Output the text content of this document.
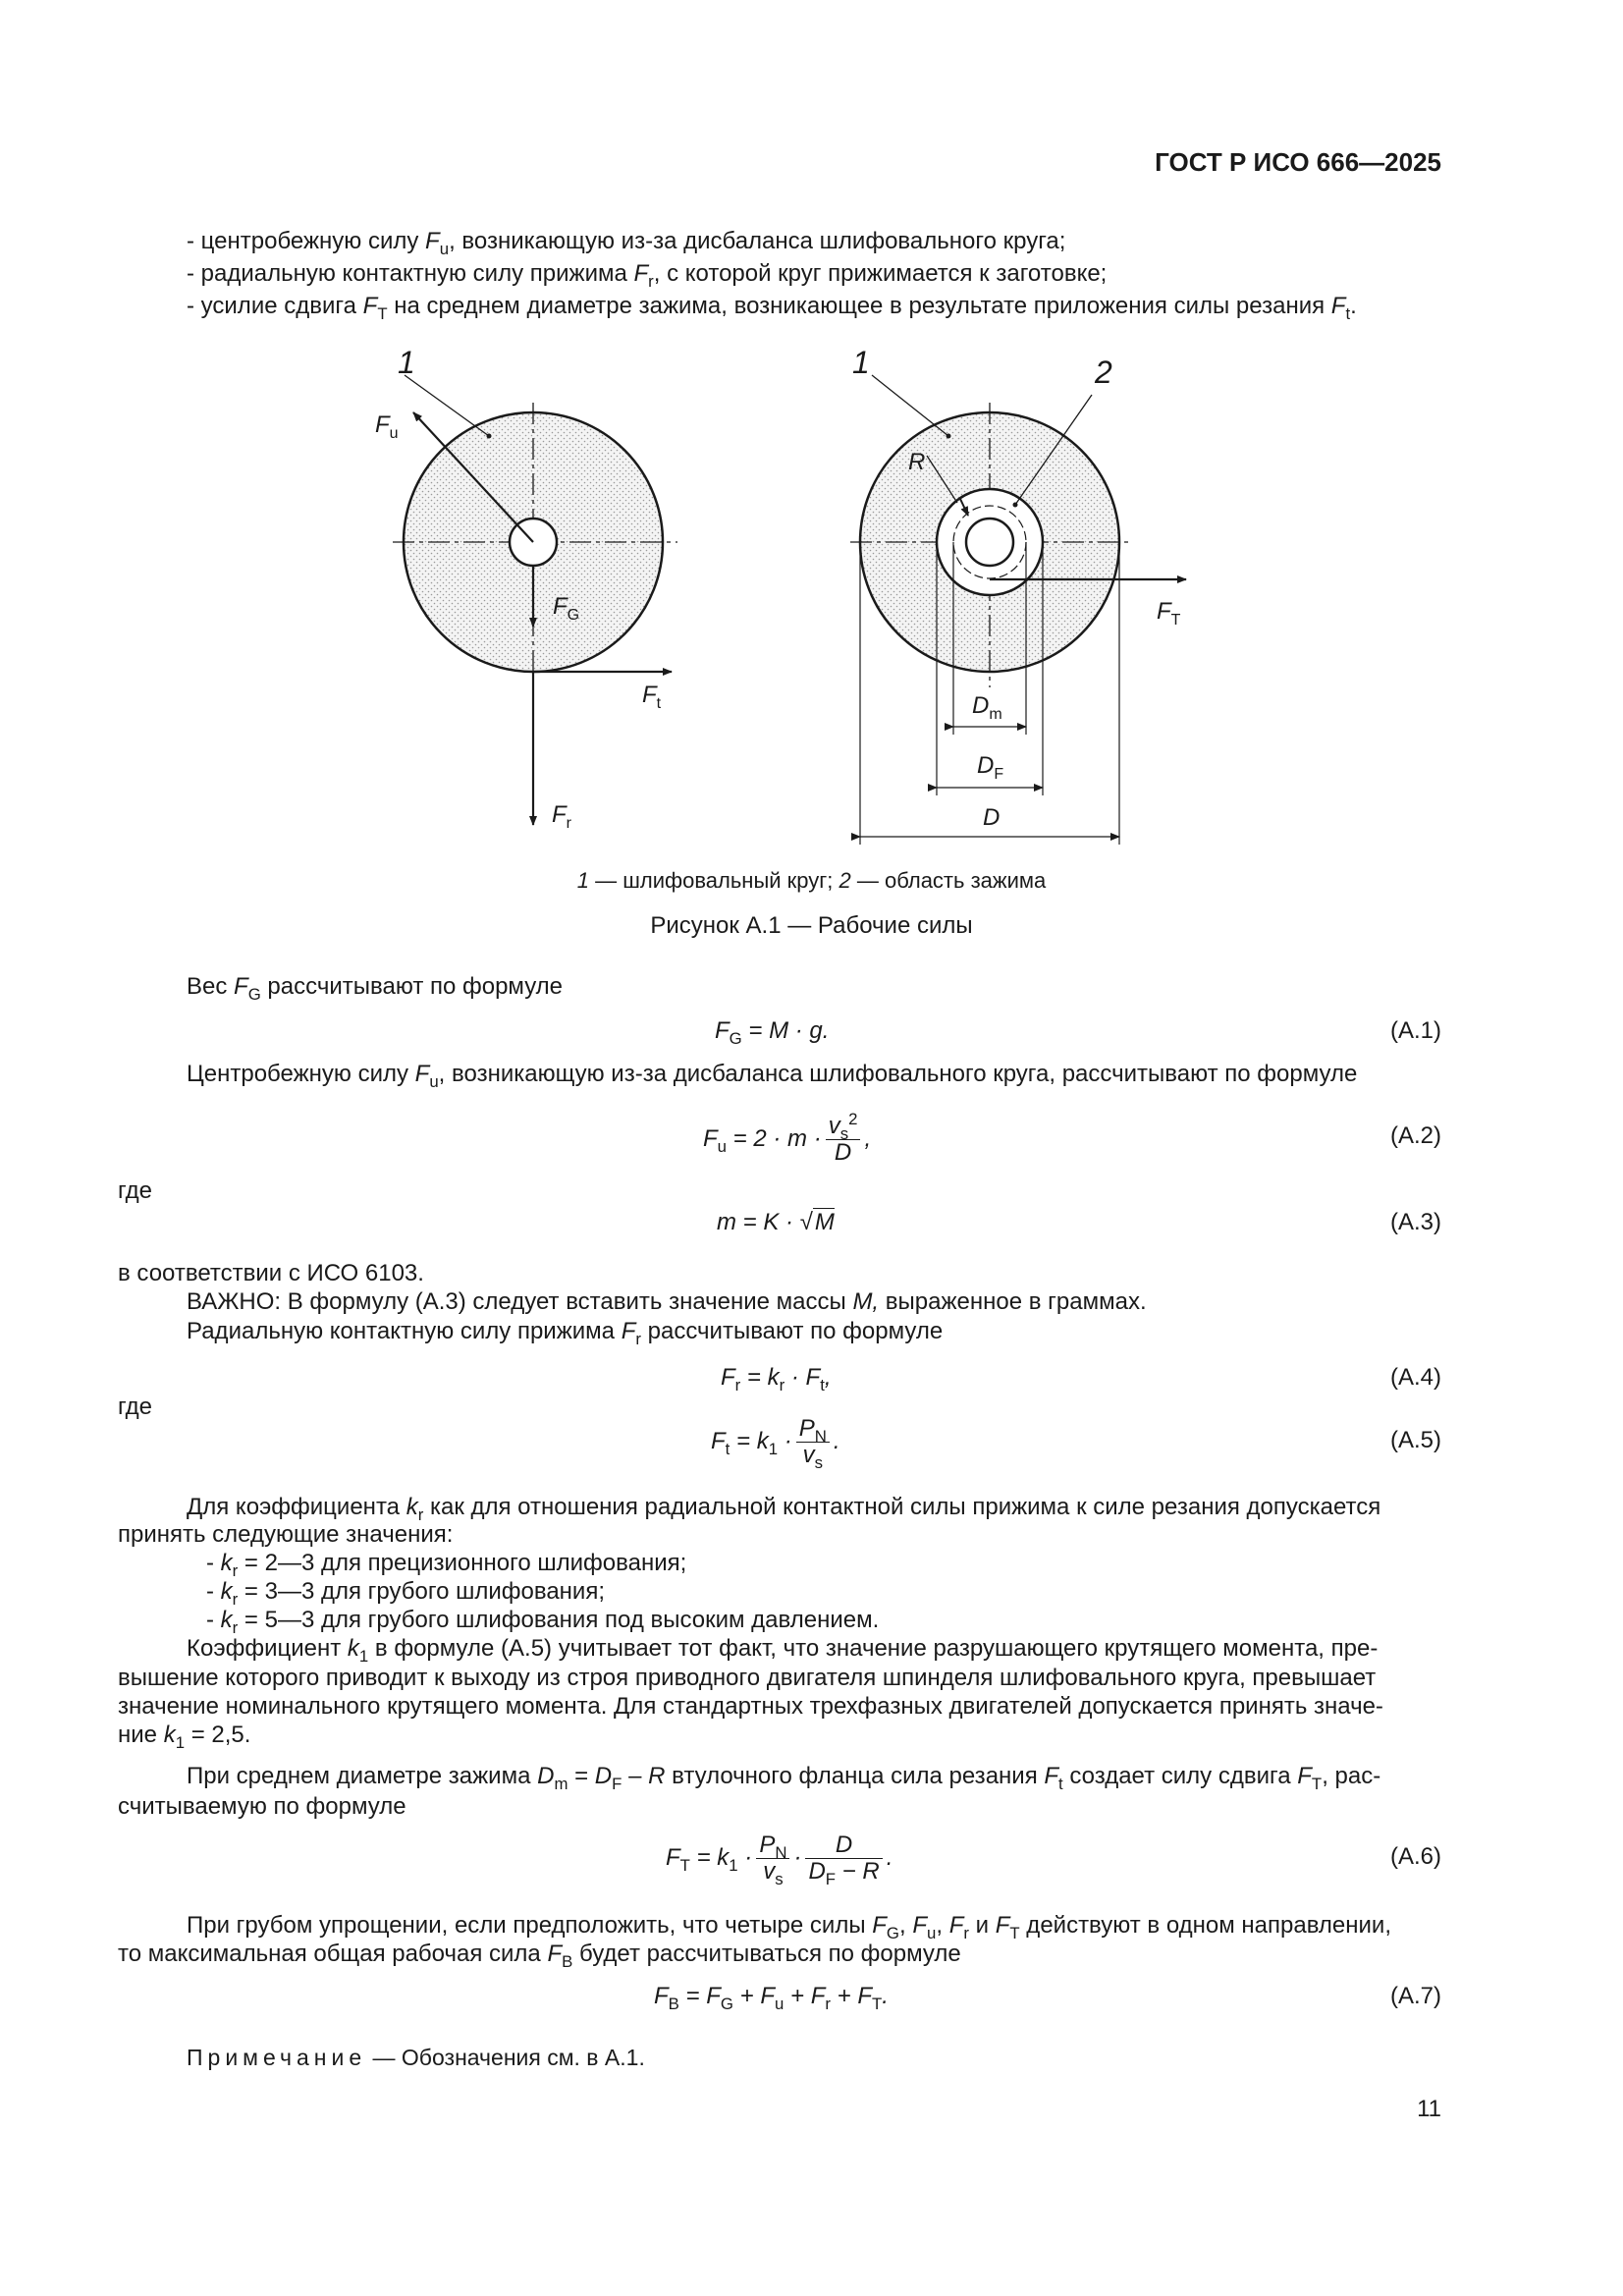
ГОСТ Р ИСО 666—2025
- центробежную силу $F_u$, возникающую из-за дисбаланса шлифовального круга;
- радиальную контактную силу прижима $F_r$, с которой круг прижимается к заготовке;
- усилие сдвига $F_T$ на среднем диаметре зажима, возникающее в результате приложения силы резания $F_t$.
1
$F_u$
$F_G$
$F_t$
$F_r$
1	2
R
$F_T$
$D_m$
$D_F$
D
1 — шлифовальный круг; 2 — область зажима
Рисунок А.1 — Рабочие силы
Вес $F_G$ рассчитывают по формуле
$F_G = M \cdot g$.	(А.1)
Центробежную силу $F_u$, возникающую из-за дисбаланса шлифовального круга, рассчитывают по формуле
$F_u = 2 \cdot m \cdot \frac{v_s^2}{D}$ ,	(А.2)
где
m = K · √M	(А.3)
в соответствии с ИСО 6103.
ВАЖНО: В формулу (А.3) следует вставить значение массы M, выраженное в граммах.
Радиальную контактную силу прижима $F_r$ рассчитывают по формуле
$F_r = k_r \cdot F_t$,	(А.4)
где
$F_t = k_1 \cdot \frac{P_N}{v_s}$ .	(А.5)
Для коэффициента $k_r$ как для отношения радиальной контактной силы прижима к силе резания допускается
принять следующие значения:
- $k_r$ = 2—3 для прецизионного шлифования;
- $k_r$ = 3—3 для грубого шлифования;
- $k_r$ = 5—3 для грубого шлифования под высоким давлением.
Коэффициент $k_1$ в формуле (А.5) учитывает тот факт, что значение разрушающего крутящего момента, пре-
вышение которого приводит к выходу из строя приводного двигателя шпинделя шлифовального круга, превышает
значение номинального крутящего момента. Для стандартных трехфазных двигателей допускается принять значе-
ние $k_1 = 2,5$.
При среднем диаметре зажима $D_m = D_F - R$ втулочного фланца сила резания $F_t$ создает силу сдвига $F_T$, рас-
считываемую по формуле
$F_T = k_1 \cdot \frac{P_N}{v_s} \cdot \frac{D}{D_F - R}$ .	(А.6)
При грубом упрощении, если предположить, что четыре силы $F_G$, $F_u$, $F_r$ и $F_T$ действуют в одном направлении,
то максимальная общая рабочая сила $F_B$ будет рассчитываться по формуле
$F_B = F_G + F_u + F_r + F_T$.	(А.7)
Примечание — Обозначения см. в А.1.
11
